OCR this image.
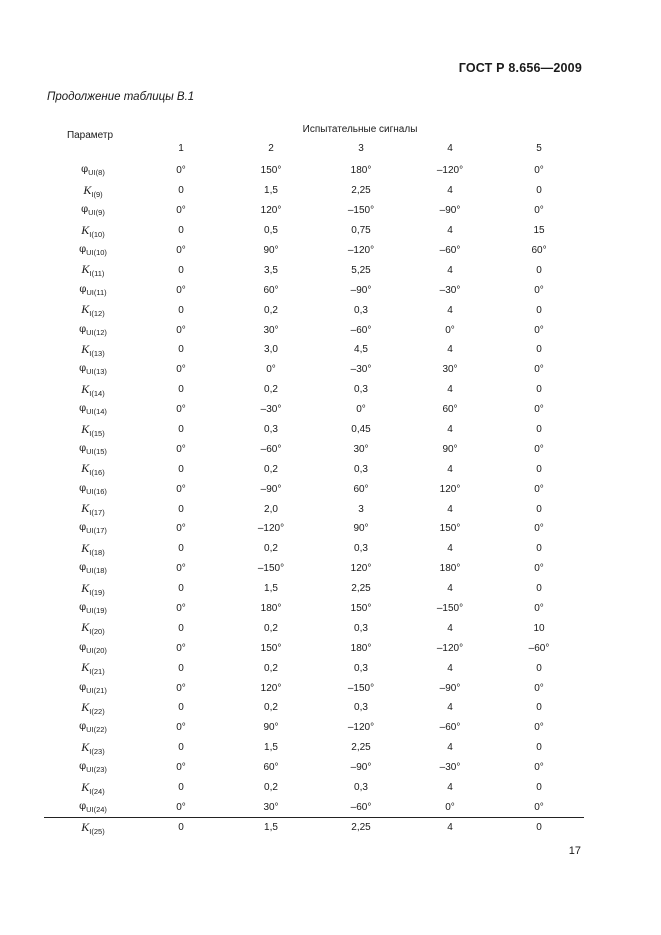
ГОСТ Р 8.656—2009
Продолжение таблицы В.1
Параметр	Испытательные сигналы				
	1	2	3	4	5
$\varphi_{UI(8)}$	0°	150°	180°	–120°	0°
$K_{I(9)}$	0	1,5	2,25	4	0
$\varphi_{UI(9)}$	0°	120°	–150°	–90°	0°
$K_{I(10)}$	0	0,5	0,75	4	15
$\varphi_{UI(10)}$	0°	90°	–120°	–60°	60°
$K_{I(11)}$	0	3,5	5,25	4	0
$\varphi_{UI(11)}$	0°	60°	–90°	–30°	0°
$K_{I(12)}$	0	0,2	0,3	4	0
$\varphi_{UI(12)}$	0°	30°	–60°	0°	0°
$K_{I(13)}$	0	3,0	4,5	4	0
$\varphi_{UI(13)}$	0°	0°	–30°	30°	0°
$K_{I(14)}$	0	0,2	0,3	4	0
$\varphi_{UI(14)}$	0°	–30°	0°	60°	0°
$K_{I(15)}$	0	0,3	0,45	4	0
$\varphi_{UI(15)}$	0°	–60°	30°	90°	0°
$K_{I(16)}$	0	0,2	0,3	4	0
$\varphi_{UI(16)}$	0°	–90°	60°	120°	0°
$K_{I(17)}$	0	2,0	3	4	0
$\varphi_{UI(17)}$	0°	–120°	90°	150°	0°
$K_{I(18)}$	0	0,2	0,3	4	0
$\varphi_{UI(18)}$	0°	–150°	120°	180°	0°
$K_{I(19)}$	0	1,5	2,25	4	0
$\varphi_{UI(19)}$	0°	180°	150°	–150°	0°
$K_{I(20)}$	0	0,2	0,3	4	10
$\varphi_{UI(20)}$	0°	150°	180°	–120°	–60°
$K_{I(21)}$	0	0,2	0,3	4	0
$\varphi_{UI(21)}$	0°	120°	–150°	–90°	0°
$K_{I(22)}$	0	0,2	0,3	4	0
$\varphi_{UI(22)}$	0°	90°	–120°	–60°	0°
$K_{I(23)}$	0	1,5	2,25	4	0
$\varphi_{UI(23)}$	0°	60°	–90°	–30°	0°
$K_{I(24)}$	0	0,2	0,3	4	0
$\varphi_{UI(24)}$	0°	30°	–60°	0°	0°
$K_{I(25)}$	0	1,5	2,25	4	0
17
